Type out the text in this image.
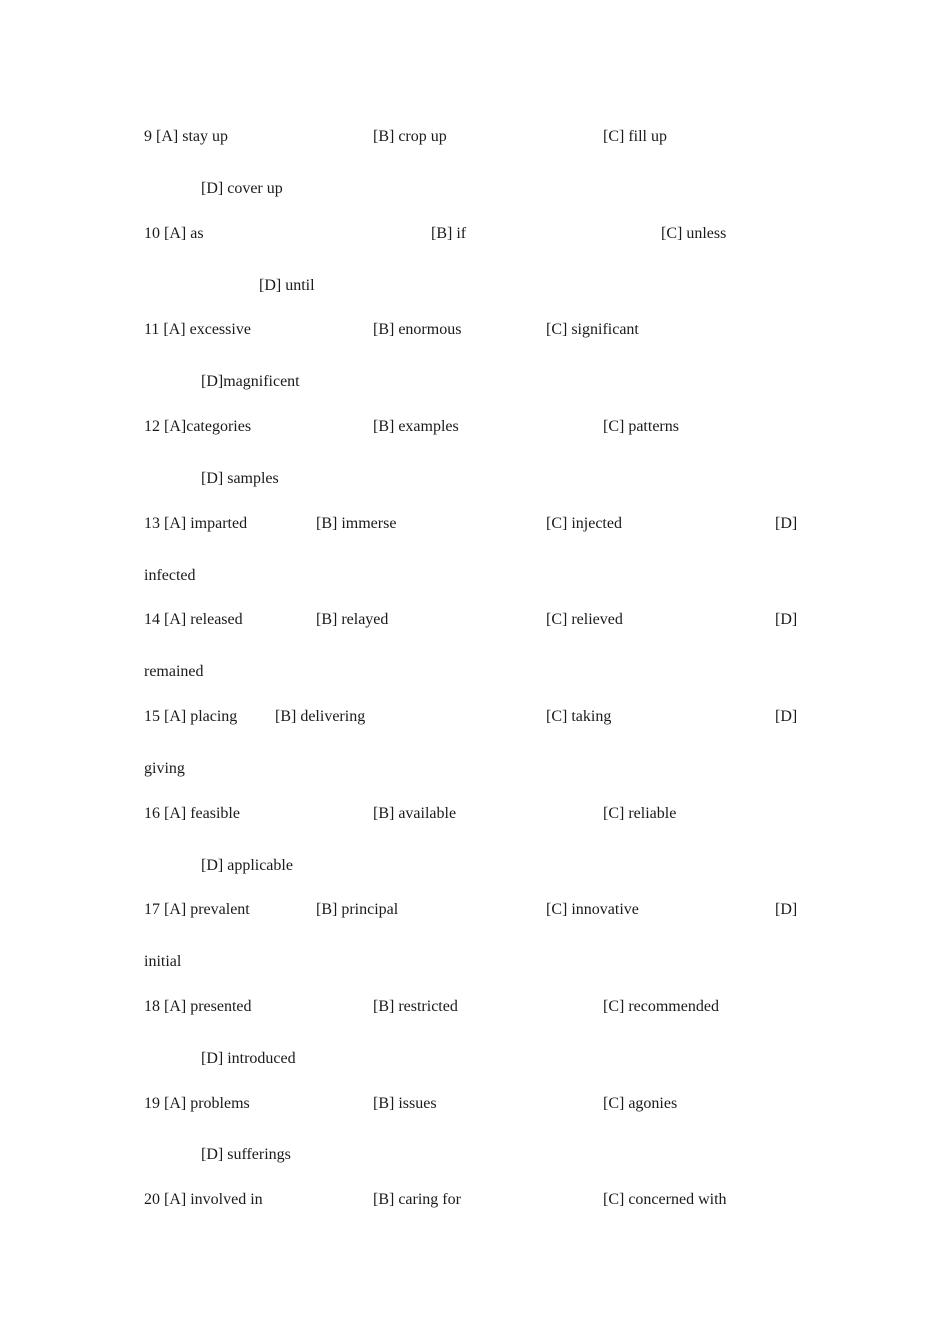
9 [A] stay up	[B] crop up	[C] fill up
[D] cover up
10 [A] as	[B] if	[C] unless
[D] until
11 [A] excessive	[B] enormous	[C] significant
[D]magnificent
12 [A]categories	[B] examples	[C] patterns
[D] samples
13 [A] imparted	[B] immerse	[C] injected	[D]
infected
14 [A] released	[B] relayed	[C] relieved	[D]
remained
15 [A] placing [B] delivering	[C] taking	[D]
giving
16 [A] feasible	[B] available	[C] reliable
[D] applicable
17 [A] prevalent	[B] principal	[C] innovative	[D]
initial
18 [A] presented	[B] restricted	[C] recommended
[D] introduced
19 [A] problems	[B] issues	[C] agonies
[D] sufferings
20 [A] involved in	[B] caring for	[C] concerned with
